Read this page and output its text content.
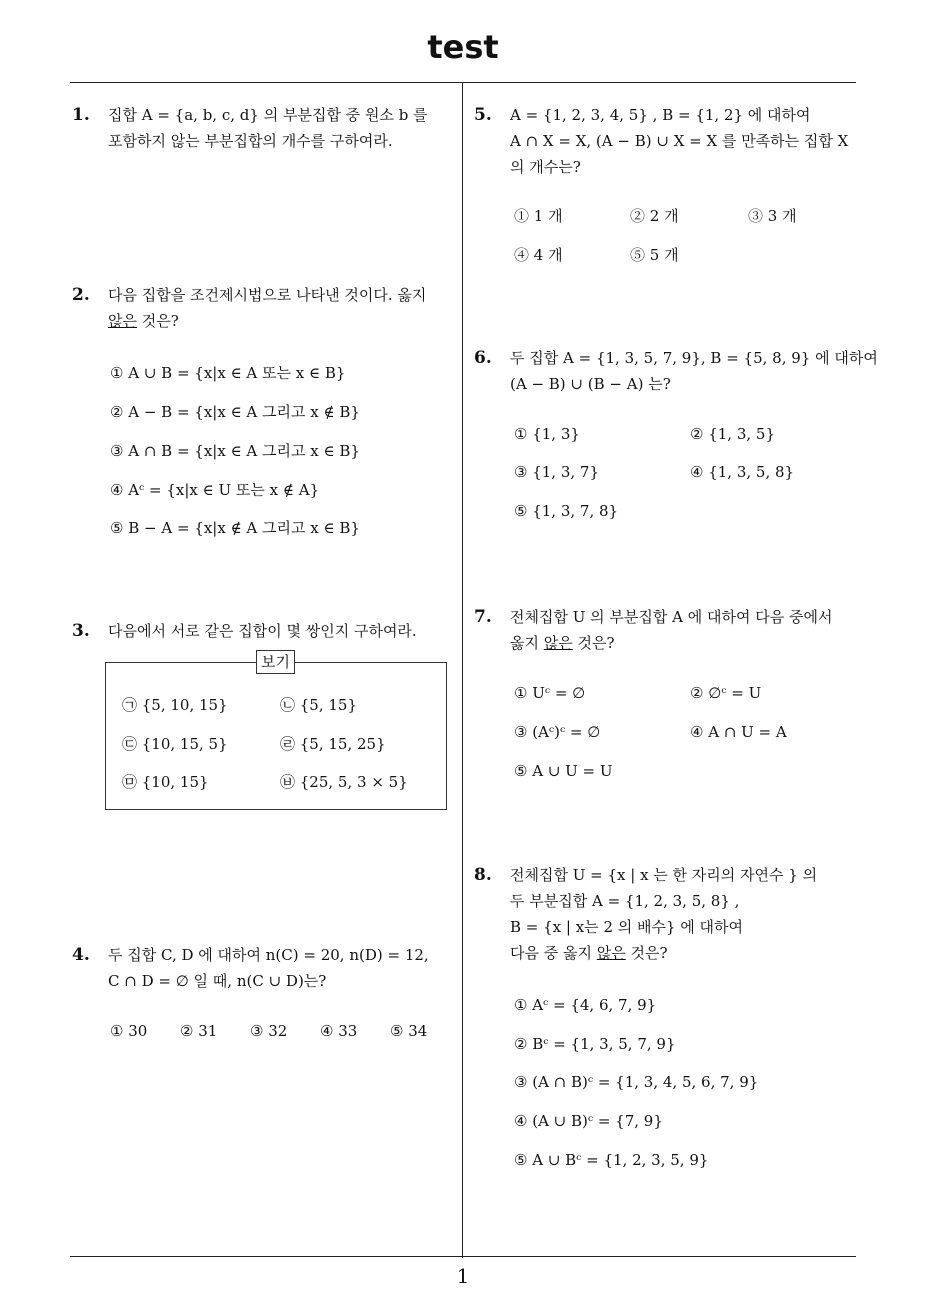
test
1
1. 집합 A = {a, b, c, d} 의 부분집합 중 원소 b 를
포함하지 않는 부분집합의 개수를 구하여라.
2. 다음 집합을 조건제시법으로 나타낸 것이다. 옳지
않은 것은?
① A ∪ B = {x|x ∈ A 또는 x ∈ B}
② A − B = {x|x ∈ A 그리고 x ∉ B}
③ A ∩ B = {x|x ∈ A 그리고 x ∈ B}
④ Aᶜ = {x|x ∈ U 또는 x ∉ A}
⑤ B − A = {x|x ∉ A 그리고 x ∈ B}
3. 다음에서 서로 같은 집합이 몇 쌍인지 구하여라.
보기
㉠ {5, 10, 15}	㉡ {5, 15}
㉢ {10, 15, 5}	㉣ {5, 15, 25}
㉤ {10, 15}	㉥ {25, 5, 3 × 5}
4. 두 집합 C, D 에 대하여 n(C) = 20, n(D) = 12,
C ∩ D = ∅ 일 때, n(C ∪ D)는?
① 30 ② 31 ③ 32 ④ 33 ⑤ 34
5. A = {1, 2, 3, 4, 5} , B = {1, 2} 에 대하여
A ∩ X = X, (A − B) ∪ X = X 를 만족하는 집합 X
의 개수는?
① 1 개	② 2 개	③ 3 개
④ 4 개	⑤ 5 개
6. 두 집합 A = {1, 3, 5, 7, 9}, B = {5, 8, 9} 에 대하여
(A − B) ∪ (B − A) 는?
① {1, 3}	② {1, 3, 5}
③ {1, 3, 7}	④ {1, 3, 5, 8}
⑤ {1, 3, 7, 8}
7. 전체집합 U 의 부분집합 A 에 대하여 다음 중에서
옳지 않은 것은?
① Uᶜ = ∅	② ∅ᶜ = U
③ (Aᶜ)ᶜ = ∅	④ A ∩ U = A
⑤ A ∪ U = U
8. 전체집합 U = {x | x 는 한 자리의 자연수 } 의
두 부분집합 A = {1, 2, 3, 5, 8} ,
B = {x | x는 2 의 배수} 에 대하여
다음 중 옳지 않은 것은?
① Aᶜ = {4, 6, 7, 9}
② Bᶜ = {1, 3, 5, 7, 9}
③ (A ∩ B)ᶜ = {1, 3, 4, 5, 6, 7, 9}
④ (A ∪ B)ᶜ = {7, 9}
⑤ A ∪ Bᶜ = {1, 2, 3, 5, 9}
